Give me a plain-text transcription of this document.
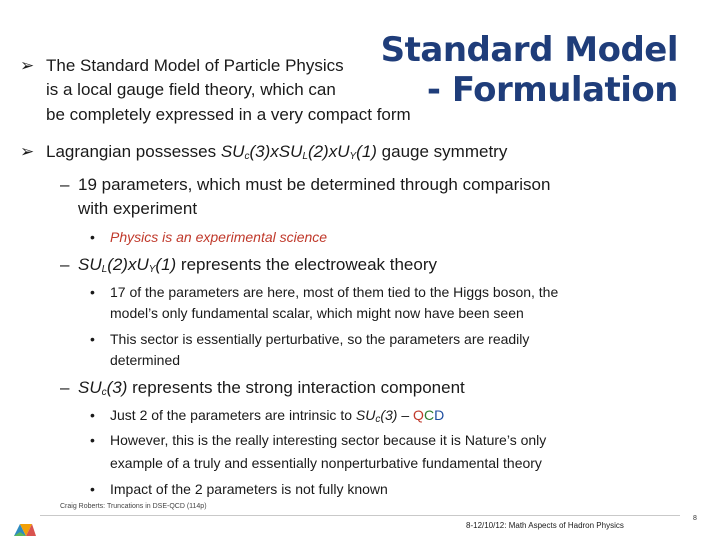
Standard Model
- Formulation
➢ The Standard Model of Particle Physics
is a local gauge field theory, which can
be completely expressed in a very compact form
➢ Lagrangian possesses $SU_c(3)xSU_L(2)xU_Y(1)$ gauge symmetry
– 19 parameters, which must be determined through comparison
with experiment
• Physics is an experimental science
– $SU_L(2)xU_Y(1)$ represents the electroweak theory
• 17 of the parameters are here, most of them tied to the Higgs boson, the
model’s only fundamental scalar, which might now have been seen
• This sector is essentially perturbative, so the parameters are readily
determined
– $SU_c(3)$ represents the strong interaction component
• Just 2 of the parameters are intrinsic to $SU_c(3)$ – QCD
• However, this is the really interesting sector because it is Nature’s only
example of a truly and essentially nonperturbative fundamental theory
• Impact of the 2 parameters is not fully known
Craig Roberts: Truncations in DSE-QCD (114p)
8-12/10/12: Math Aspects of Hadron Physics
8
